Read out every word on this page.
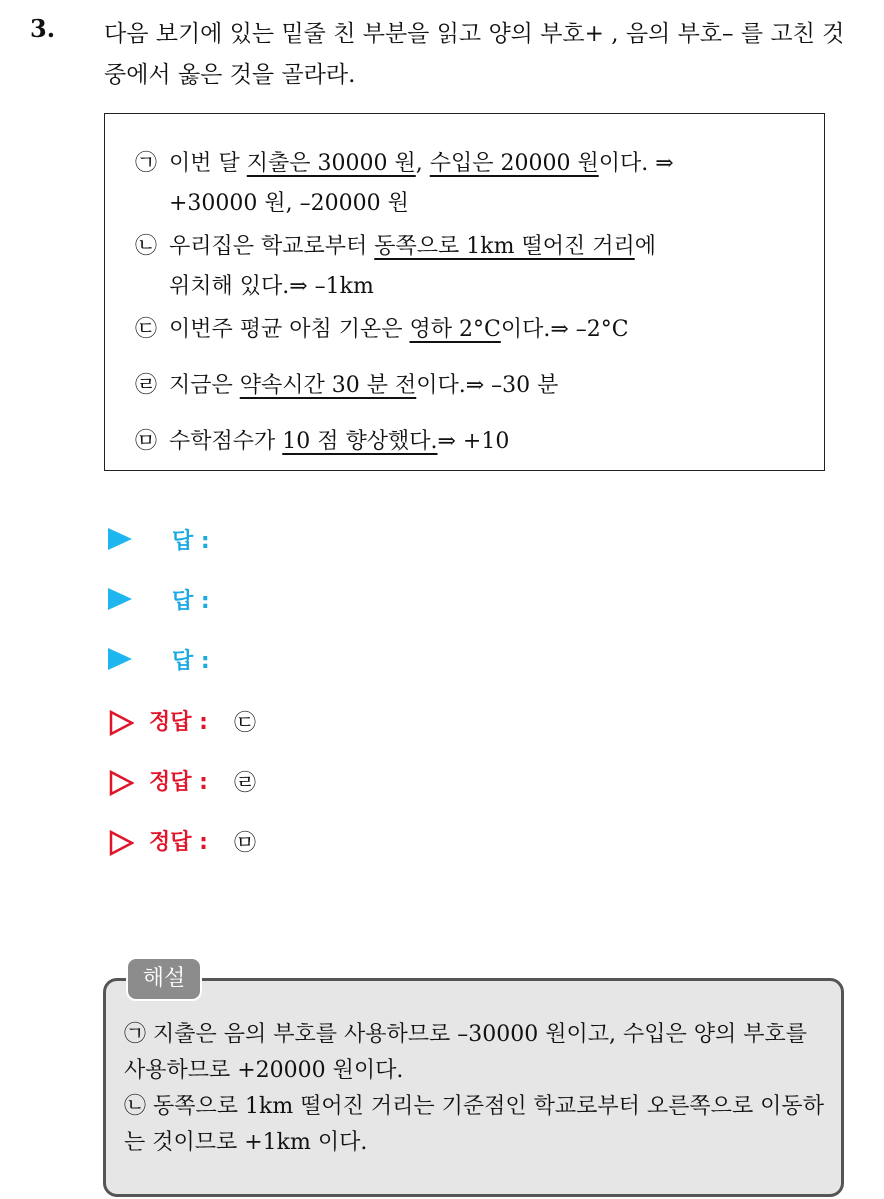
3. 다음 보기에 있는 밑줄 친 부분을 읽고 양의 부호+ , 음의 부호– 를 고친 것 중에서 옳은 것을 골라라.
㉠ 이번 달 지출은 30000 원, 수입은 20000 원이다. ⇒
+30000 원, –20000 원
㉡ 우리집은 학교로부터 동쪽으로 1km 떨어진 거리에
위치해 있다.⇒ –1km
㉢ 이번주 평균 아침 기온은 영하 2°C이다.⇒ –2°C
㉣ 지금은 약속시간 30 분 전이다.⇒ –30 분
㉤ 수학점수가 10 점 향상했다.⇒ +10
답 :
답 :
답 :
정답 : ㉢
정답 : ㉣
정답 : ㉤
㉠ 지출은 음의 부호를 사용하므로 –30000 원이고, 수입은 양의 부호를 사용하므로 +20000 원이다.
㉡ 동쪽으로 1km 떨어진 거리는 기준점인 학교로부터 오른쪽으로 이동하는 것이므로 +1km 이다.
해설
